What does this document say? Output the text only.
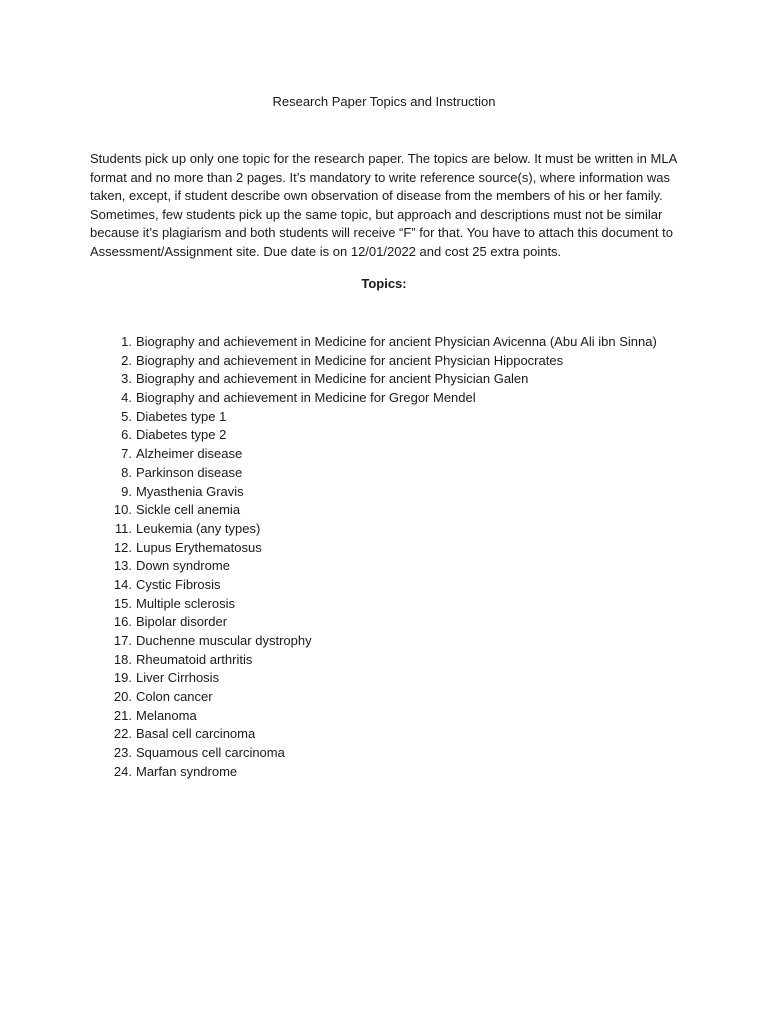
Research Paper Topics and Instruction

Students pick up only one topic for the research paper. The topics are below. It must be written in MLA format and no more than 2 pages. It’s mandatory to write reference source(s), where information was taken, except, if student describe own observation of disease from the members of his or her family. Sometimes, few students pick up the same topic, but approach and descriptions must not be similar because it’s plagiarism and both students will receive “F” for that. You have to attach this document to Assessment/Assignment site. Due date is on 12/01/2022 and cost 25 extra points.

Topics:
1. Biography and achievement in Medicine for ancient Physician Avicenna (Abu Ali ibn Sinna)
2. Biography and achievement in Medicine for ancient Physician Hippocrates
3. Biography and achievement in Medicine for ancient Physician Galen
4. Biography and achievement in Medicine for Gregor Mendel
5. Diabetes type 1
6. Diabetes type 2
7. Alzheimer disease
8. Parkinson disease
9. Myasthenia Gravis
10. Sickle cell anemia
11. Leukemia (any types)
12. Lupus Erythematosus
13. Down syndrome
14. Cystic Fibrosis
15. Multiple sclerosis
16. Bipolar disorder
17. Duchenne muscular dystrophy
18. Rheumatoid arthritis
19. Liver Cirrhosis
20. Colon cancer
21. Melanoma
22. Basal cell carcinoma
23. Squamous cell carcinoma
24. Marfan syndrome
